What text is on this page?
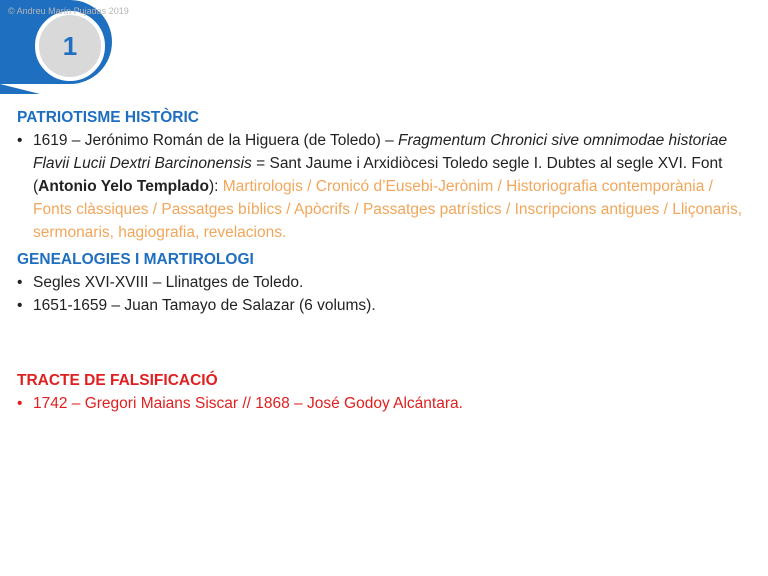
© Andreu Marín Pujadas 2019
1
PATRIOTISME HISTÒRIC
• 1619 – Jerónimo Román de la Higuera (de Toledo) – Fragmentum Chronici sive omnimodae historiae Flavii Lucii Dextri Barcinonensis = Sant Jaume i Arxidiòcesi Toledo segle I. Dubtes al segle XVI. Font (Antonio Yelo Templado): Martirologis / Cronicó d’Eusebi-Jerònim / Historiografia contemporània / Fonts clàssiques / Passatges bíblics / Apòcrifs / Passatges patrístics / Inscripcions antigues / Lliçonaris, sermonaris, hagiografia, revelacions.
GENEALOGIES I MARTIROLOGI
• Segles XVI-XVIII – Llinatges de Toledo.
• 1651-1659 – Juan Tamayo de Salazar (6 volums).
TRACTE DE FALSIFICACIÓ
• 1742 – Gregori Maians Siscar // 1868 – José Godoy Alcántara.
